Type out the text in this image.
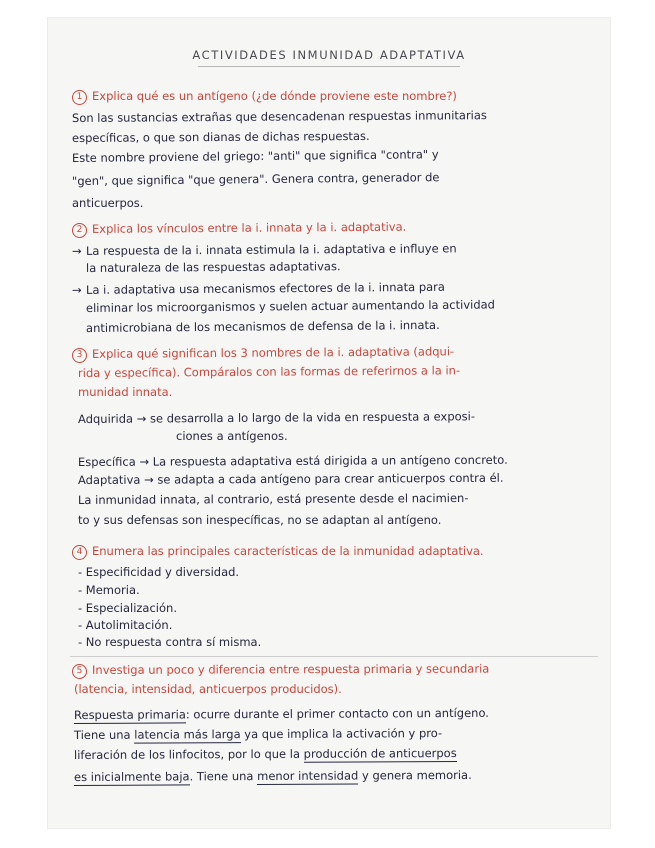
ACTIVIDADES INMUNIDAD ADAPTATIVA
1 Explica qué es un antígeno (¿de dónde proviene este nombre?)
Son las sustancias extrañas que desencadenan respuestas inmunitarias
específicas, o que son dianas de dichas respuestas.
Este nombre proviene del griego: "anti" que significa "contra" y
"gen", que significa "que genera". Genera contra, generador de
anticuerpos.
2 Explica los vínculos entre la i. innata y la i. adaptativa.
→ La respuesta de la i. innata estimula la i. adaptativa e influye en
la naturaleza de las respuestas adaptativas.
→ La i. adaptativa usa mecanismos efectores de la i. innata para
eliminar los microorganismos y suelen actuar aumentando la actividad
antimicrobiana de los mecanismos de defensa de la i. innata.
3 Explica qué significan los 3 nombres de la i. adaptativa (adqui-
rida y específica). Compáralos con las formas de referirnos a la in-
munidad innata.
Adquirida → se desarrolla a lo largo de la vida en respuesta a exposi-
ciones a antígenos.
Específica → La respuesta adaptativa está dirigida a un antígeno concreto.
Adaptativa → se adapta a cada antígeno para crear anticuerpos contra él.
La inmunidad innata, al contrario, está presente desde el nacimien-
to y sus defensas son inespecíficas, no se adaptan al antígeno.
4 Enumera las principales características de la inmunidad adaptativa.
- Especificidad y diversidad.
- Memoria.
- Especialización.
- Autolimitación.
- No respuesta contra sí misma.
5 Investiga un poco y diferencia entre respuesta primaria y secundaria
(latencia, intensidad, anticuerpos producidos).
Respuesta primaria: ocurre durante el primer contacto con un antígeno.
Tiene una latencia más larga ya que implica la activación y pro-
liferación de los linfocitos, por lo que la producción de anticuerpos
es inicialmente baja. Tiene una menor intensidad y genera memoria.
